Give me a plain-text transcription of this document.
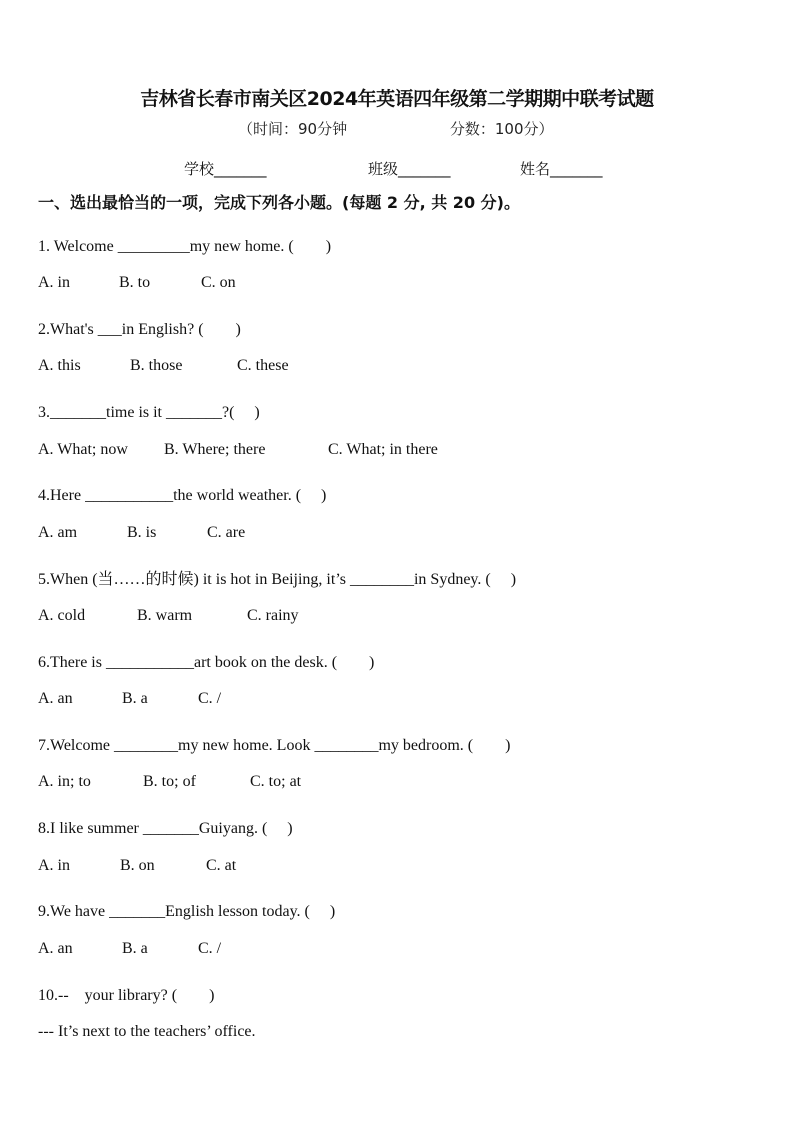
吉林省长春市南关区2024年英语四年级第二学期期中联考试题
（时间：90分钟	分数：100分）
学校_______	班级_______	姓名_______
一、选出最恰当的一项，完成下列各小题。(每题 2 分, 共 20 分)。
1. Welcome _________my new home. (　　)
A. in	B. to	C. on
2.What's ___in English? (　　)
A. this	B. those	C. these
3._______time is it _______?(　 )
A. What; now B. Where; there	C. What; in there
4.Here ___________the world weather. (　 )
A. am	B. is	C. are
5.When (当……的时候) it is hot in Beijing, it’s ________in Sydney. (　 )
A. cold	B. warm	C. rainy
6.There is ___________art book on the desk. (　　)
A. an	B. a	C. /
7.Welcome ________my new home. Look ________my bedroom. (　　)
A. in; to	B. to; of	C. to; at
8.I like summer _______Guiyang. (　 )
A. in	B. on	C. at
9.We have _______English lesson today. (　 )
A. an	B. a	C. /
10.--　your library? (　　)
--- It’s next to the teachers’ office.
